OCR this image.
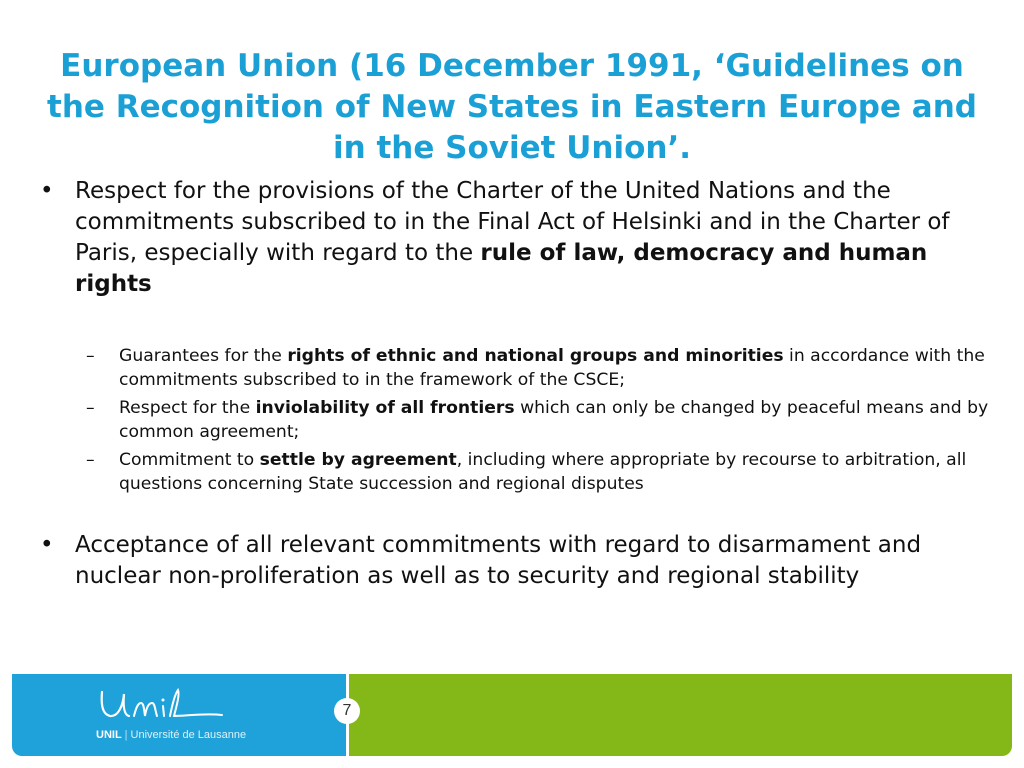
European Union (16 December 1991, ‘Guidelines on the Recognition of New States in Eastern Europe and in the Soviet Union’.
• Respect for the provisions of the Charter of the United Nations and the commitments subscribed to in the Final Act of Helsinki and in the Charter of Paris, especially with regard to the rule of law, democracy and human rights
– Guarantees for the rights of ethnic and national groups and minorities in accordance with the commitments subscribed to in the framework of the CSCE;
– Respect for the inviolability of all frontiers which can only be changed by peaceful means and by common agreement;
– Commitment to settle by agreement, including where appropriate by recourse to arbitration, all questions concerning State succession and regional disputes
• Acceptance of all relevant commitments with regard to disarmament and nuclear non-proliferation as well as to security and regional stability
UNIL | Université de Lausanne
7
